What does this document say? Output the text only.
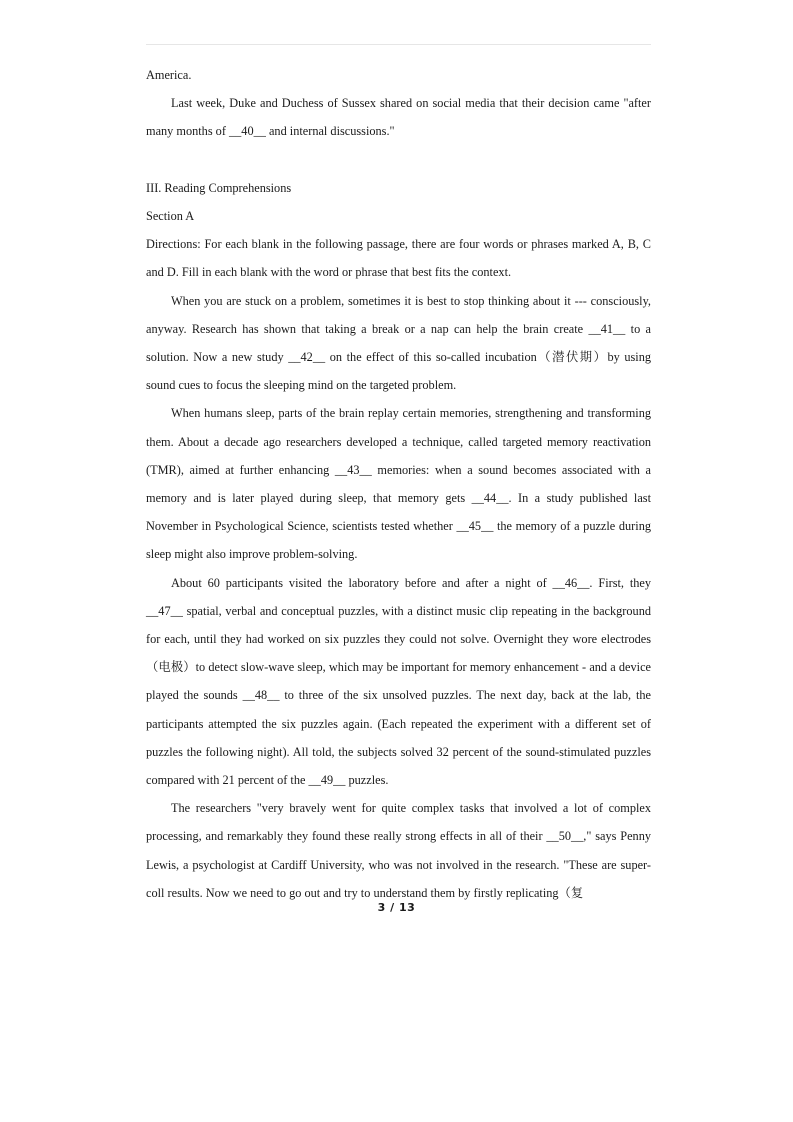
America.

Last week, Duke and Duchess of Sussex shared on social media that their decision came "after many months of __40__ and internal discussions."

III. Reading Comprehensions

Section A

Directions: For each blank in the following passage, there are four words or phrases marked A, B, C and D. Fill in each blank with the word or phrase that best fits the context.

When you are stuck on a problem, sometimes it is best to stop thinking about it --- consciously, anyway. Research has shown that taking a break or a nap can help the brain create __41__ to a solution. Now a new study __42__ on the effect of this so-called incubation（潜伏期）by using sound cues to focus the sleeping mind on the targeted problem.

When humans sleep, parts of the brain replay certain memories, strengthening and transforming them. About a decade ago researchers developed a technique, called targeted memory reactivation (TMR), aimed at further enhancing __43__ memories: when a sound becomes associated with a memory and is later played during sleep, that memory gets __44__. In a study published last November in Psychological Science, scientists tested whether __45__ the memory of a puzzle during sleep might also improve problem-solving.

About 60 participants visited the laboratory before and after a night of __46__. First, they __47__ spatial, verbal and conceptual puzzles, with a distinct music clip repeating in the background for each, until they had worked on six puzzles they could not solve. Overnight they wore electrodes（电极）to detect slow-wave sleep, which may be important for memory enhancement - and a device played the sounds __48__ to three of the six unsolved puzzles. The next day, back at the lab, the participants attempted the six puzzles again. (Each repeated the experiment with a different set of puzzles the following night). All told, the subjects solved 32 percent of the sound-stimulated puzzles compared with 21 percent of the __49__ puzzles.

The researchers "very bravely went for quite complex tasks that involved a lot of complex processing, and remarkably they found these really strong effects in all of their __50__," says Penny Lewis, a psychologist at Cardiff University, who was not involved in the research. "These are super-coll results. Now we need to go out and try to understand them by firstly replicating（复

3 / 13
